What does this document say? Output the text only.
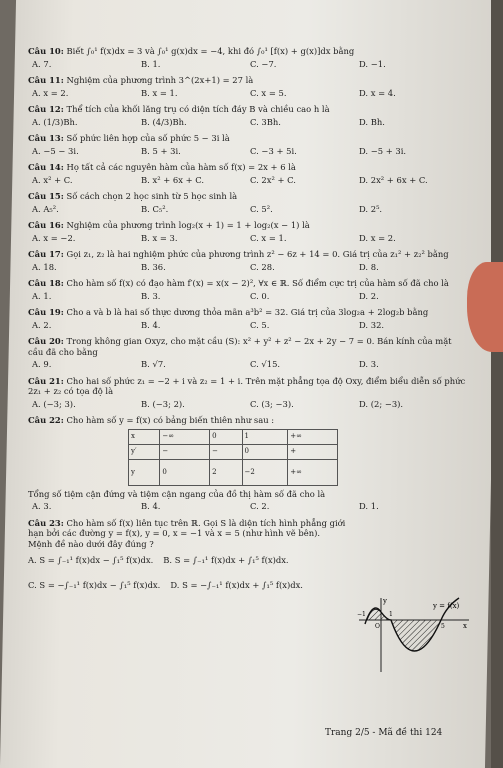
Câu 10: Biết ∫₀¹ f(x)dx = 3 và ∫₀¹ g(x)dx = −4, khi đó ∫₀¹ [f(x) + g(x)]dx bằng
A. 7.	B. 1.	C. −7.	D. −1.
Câu 11: Nghiệm của phương trình 3^(2x+1) = 27 là
A. x = 2.	B. x = 1.	C. x = 5.	D. x = 4.
Câu 12: Thể tích của khối lăng trụ có diện tích đáy B và chiều cao h là
A. (1/3)Bh.	B. (4/3)Bh.	C. 3Bh.	D. Bh.
Câu 13: Số phức liên hợp của số phức 5 − 3i là
A. −5 − 3i.	B. 5 + 3i.	C. −3 + 5i.	D. −5 + 3i.
Câu 14: Họ tất cả các nguyên hàm của hàm số f(x) = 2x + 6 là
A. x² + C.	B. x² + 6x + C.	C. 2x² + C.	D. 2x² + 6x + C.
Câu 15: Số cách chọn 2 học sinh từ 5 học sinh là
A. A₅².	B. C₅².	C. 5².	D. 2⁵.
Câu 16: Nghiệm của phương trình log₂(x + 1) = 1 + log₂(x − 1) là
A. x = −2.	B. x = 3.	C. x = 1.	D. x = 2.
Câu 17: Gọi z₁, z₂ là hai nghiệm phức của phương trình z² − 6z + 14 = 0. Giá trị của z₁² + z₂² bằng
A. 18.	B. 36.	C. 28.	D. 8.
Câu 18: Cho hàm số f(x) có đạo hàm f′(x) = x(x − 2)², ∀x ∈ ℝ. Số điểm cực trị của hàm số đã cho là
A. 1.	B. 3.	C. 0.	D. 2.
Câu 19: Cho a và b là hai số thực dương thỏa mãn a³b² = 32. Giá trị của 3log₂a + 2log₂b bằng
A. 2.	B. 4.	C. 5.	D. 32.
Câu 20: Trong không gian Oxyz, cho mặt cầu (S): x² + y² + z² − 2x + 2y − 7 = 0. Bán kính của mặt cầu đã cho bằng
A. 9.	B. √7.	C. √15.	D. 3.
Câu 21: Cho hai số phức z₁ = −2 + i và z₂ = 1 + i. Trên mặt phẳng tọa độ Oxy, điểm biểu diễn số phức 2z₁ + z₂ có tọa độ là
A. (−3; 3).	B. (−3; 2).	C. (3; −3).	D. (2; −3).
Câu 22: Cho hàm số y = f(x) có bảng biến thiên như sau :
x	−∞	0	1	+∞
y′	−	−	0	+
y	0	2	−2	+∞
Tổng số tiệm cận đứng và tiệm cận ngang của đồ thị hàm số đã cho là
A. 3.	B. 4.	C. 2.	D. 1.
Câu 23: Cho hàm số f(x) liên tục trên ℝ. Gọi S là diện tích hình phẳng giới hạn bởi các đường y = f(x), y = 0, x = −1 và x = 5 (như hình vẽ bên). Mệnh đề nào dưới đây đúng ?
A. S = ∫₋₁¹ f(x)dx − ∫₁⁵ f(x)dx. B. S = ∫₋₁¹ f(x)dx + ∫₁⁵ f(x)dx.
C. S = −∫₋₁¹ f(x)dx − ∫₁⁵ f(x)dx. D. S = −∫₋₁¹ f(x)dx + ∫₁⁵ f(x)dx.
y
x
y = f(x)
O
−1	1
5
Trang 2/5 - Mã đề thi 124
